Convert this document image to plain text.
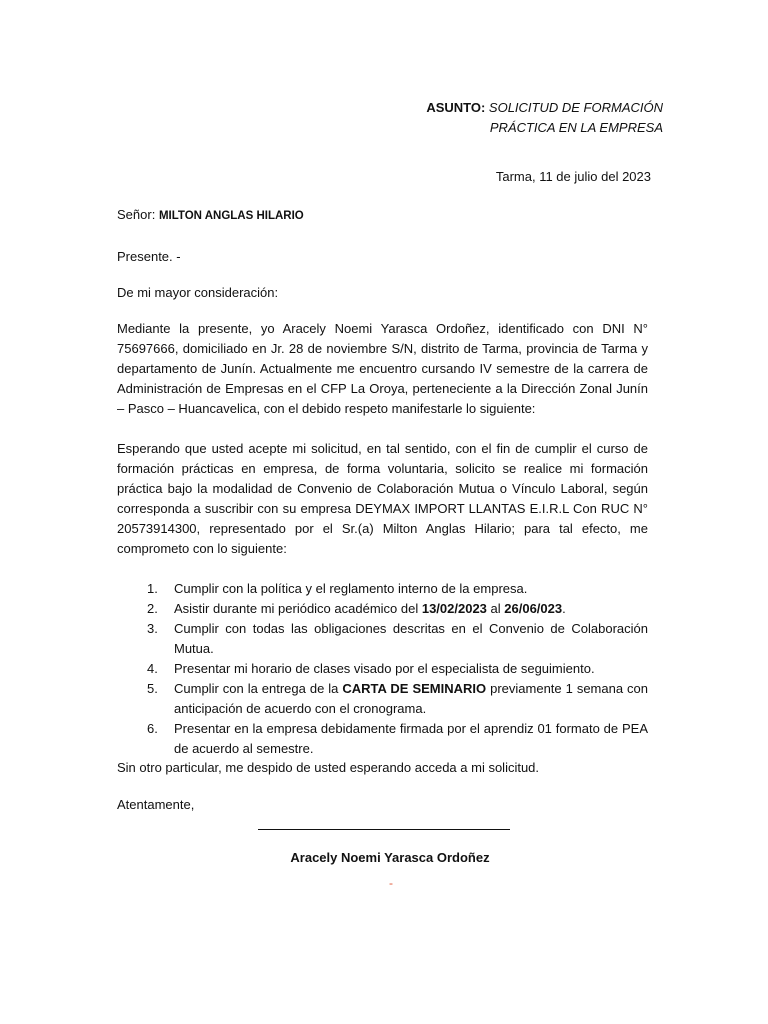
ASUNTO: SOLICITUD DE FORMACIÓN
PRÁCTICA EN LA EMPRESA
Tarma, 11 de julio del 2023
Señor: MILTON ANGLAS HILARIO
Presente. -
De mi mayor consideración:
Mediante la presente, yo Aracely Noemi Yarasca Ordoñez, identificado con DNI N° 75697666, domiciliado en Jr. 28 de noviembre S/N, distrito de Tarma, provincia de Tarma y departamento de Junín. Actualmente me encuentro cursando IV semestre de la carrera de Administración de Empresas en el CFP La Oroya, perteneciente a la Dirección Zonal Junín – Pasco – Huancavelica, con el debido respeto manifestarle lo siguiente:
Esperando que usted acepte mi solicitud, en tal sentido, con el fin de cumplir el curso de formación prácticas en empresa, de forma voluntaria, solicito se realice mi formación práctica bajo la modalidad de Convenio de Colaboración Mutua o Vínculo Laboral, según corresponda a suscribir con su empresa DEYMAX IMPORT LLANTAS E.I.R.L Con RUC N° 20573914300, representado por el Sr.(a) Milton Anglas Hilario; para tal efecto, me comprometo con lo siguiente:
1.	Cumplir con la política y el reglamento interno de la empresa.
2.	Asistir durante mi periódico académico del 13/02/2023 al 26/06/023.
3.	Cumplir con todas las obligaciones descritas en el Convenio de Colaboración Mutua.
4.	Presentar mi horario de clases visado por el especialista de seguimiento.
5.	Cumplir con la entrega de la CARTA DE SEMINARIO previamente 1 semana con anticipación de acuerdo con el cronograma.
6.	Presentar en la empresa debidamente firmada por el aprendiz 01 formato de PEA de acuerdo al semestre.
Sin otro particular, me despido de usted esperando acceda a mi solicitud.
Atentamente,
Aracely Noemi Yarasca Ordoñez
-
